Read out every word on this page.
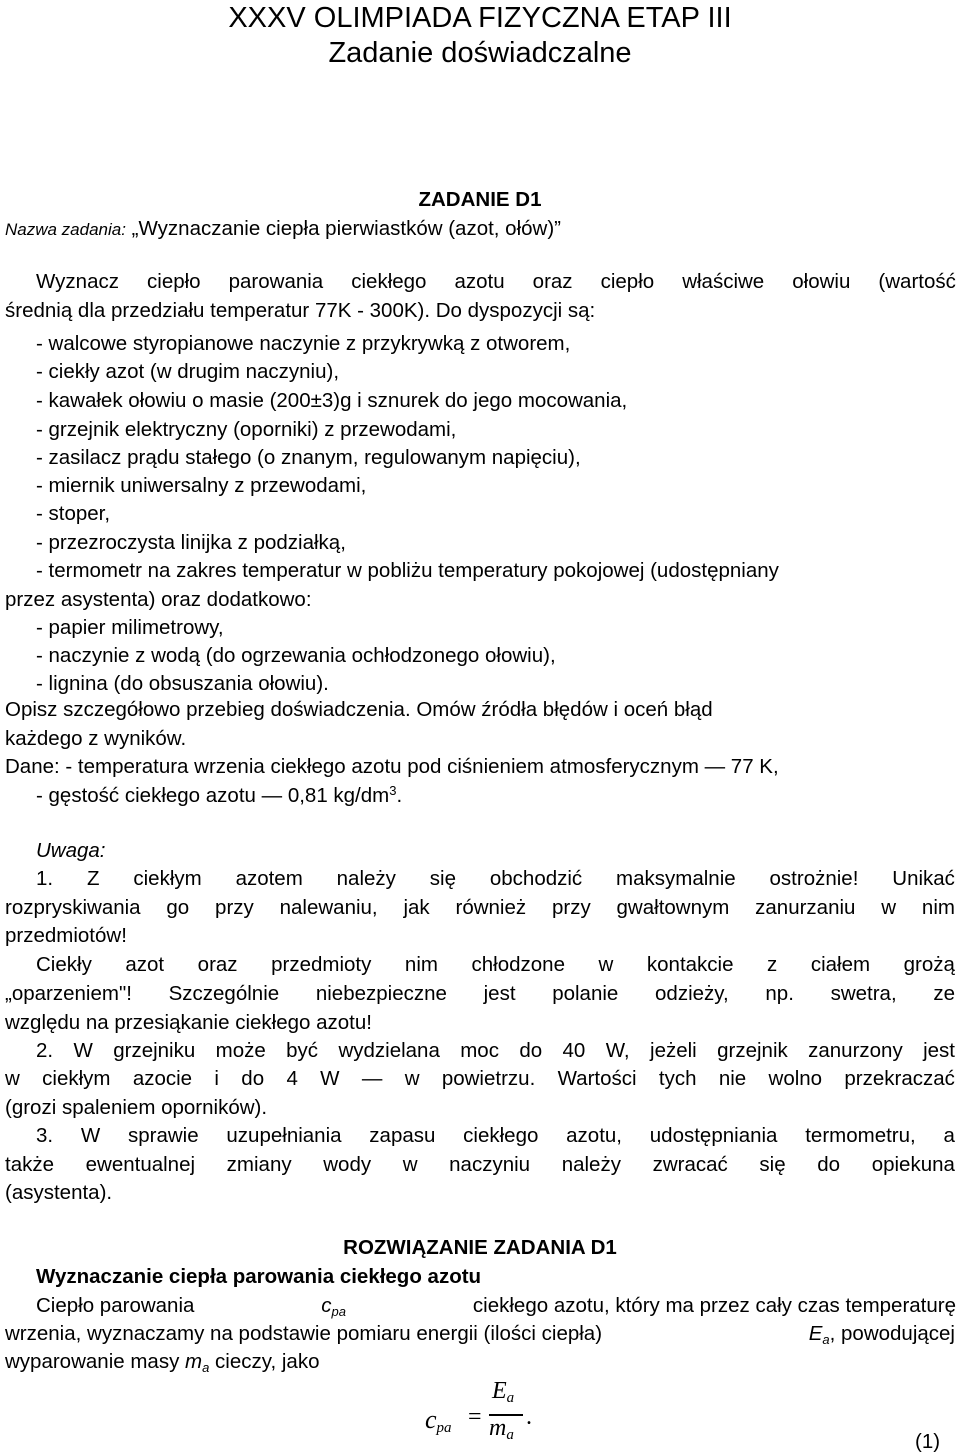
XXXV OLIMPIADA FIZYCZNA ETAP III
Zadanie doświadczalne
ZADANIE D1
Nazwa zadania: „Wyznaczanie ciepła pierwiastków (azot, ołów)”
Wyznacz ciepło parowania ciekłego azotu oraz ciepło właściwe ołowiu (wartość
średnią dla przedziału temperatur 77K - 300K). Do dyspozycji są:
- walcowe styropianowe naczynie z przykrywką z otworem,
- ciekły azot (w drugim naczyniu),
- kawałek ołowiu o masie (200±3)g i sznurek do jego mocowania,
- grzejnik elektryczny (oporniki) z przewodami,
- zasilacz prądu stałego (o znanym, regulowanym napięciu),
- miernik uniwersalny z przewodami,
- stoper,
- przezroczysta linijka z podziałką,
- termometr na zakres temperatur w pobliżu temperatury pokojowej (udostępniany
przez asystenta) oraz dodatkowo:
- papier milimetrowy,
- naczynie z wodą (do ogrzewania ochłodzonego ołowiu),
- lignina (do obsuszania ołowiu).
Opisz szczegółowo przebieg doświadczenia. Omów źródła błędów i oceń błąd
każdego z wyników.
Dane: - temperatura wrzenia ciekłego azotu pod ciśnieniem atmosferycznym — 77 K,
- gęstość ciekłego azotu — 0,81 $kg/dm^3$.
Uwaga:
1. Z ciekłym azotem należy się obchodzić maksymalnie ostrożnie! Unikać
rozpryskiwania go przy nalewaniu, jak również przy gwałtownym zanurzaniu w nim
przedmiotów!
Ciekły azot oraz przedmioty nim chłodzone w kontakcie z ciałem grożą
„oparzeniem"! Szczególnie niebezpieczne jest polanie odzieży, np. swetra, ze
względu na przesiąkanie ciekłego azotu!
2. W grzejniku może być wydzielana moc do 40 W, jeżeli grzejnik zanurzony jest
w ciekłym azocie i do 4 W — w powietrzu. Wartości tych nie wolno przekraczać
(grozi spaleniem oporników).
3. W sprawie uzupełniania zapasu ciekłego azotu, udostępniania termometru, a
także ewentualnej zmiany wody w naczyniu należy zwracać się do opiekuna
(asystenta).
ROZWIĄZANIE ZADANIA D1
Wyznaczanie ciepła parowania ciekłego azotu
Ciepło parowania	$c_{pa}$	ciekłego azotu, który ma przez cały czas temperaturę
wrzenia, wyznaczamy na podstawie pomiaru energii (ilości ciepła)	$E_a$, powodującej
wyparowanie masy $m_a$ cieczy, jako
$c_{pa}$ =
$E_a$
$m_a$
.
(1)
